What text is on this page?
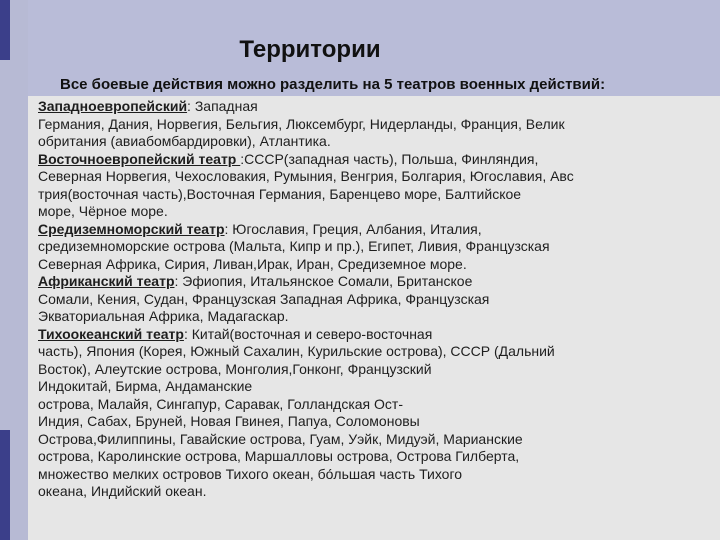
Территории
Все боевые действия можно разделить на 5 театров военных действий:

Западноевропейский: Западная

Германия, Дания, Норвегия, Бельгия, Люксембург, Нидерланды, Франция, Велик

обритания (авиабомбардировки), Атлантика.

Восточноевропейский театр :СССР(западная часть), Польша, Финляндия,

Северная Норвегия, Чехословакия, Румыния, Венгрия, Болгария, Югославия, Авс

трия(восточная часть),Восточная Германия, Баренцево море, Балтийское

море, Чёрное море.

Средиземноморский театр: Югославия, Греция, Албания, Италия,

средиземноморские острова (Мальта, Кипр и пр.), Египет, Ливия, Французская

Северная Африка, Сирия, Ливан,Ирак, Иран, Средиземное море.

Африканский театр: Эфиопия, Итальянское Сомали, Британское

Сомали, Кения, Судан, Французская Западная Африка, Французская

Экваториальная Африка, Мадагаскар.

Тихоокеанский театр: Китай(восточная и северо-восточная

часть), Япония (Корея, Южный Сахалин, Курильские острова), СССР (Дальний

Восток), Алеутские острова, Монголия,Гонконг, Французский

Индокитай, Бирма, Андаманские

острова, Малайя, Сингапур, Саравак, Голландская Ост-

Индия, Сабах, Бруней, Новая Гвинея, Папуа, Соломоновы

Острова,Филиппины, Гавайские острова, Гуам, Уэйк, Мидуэй, Марианские

острова, Каролинские острова, Маршалловы острова, Острова Гилберта,

множество мелких островов Тихого океан, бо́льшая часть Тихого

океана, Индийский океан.
